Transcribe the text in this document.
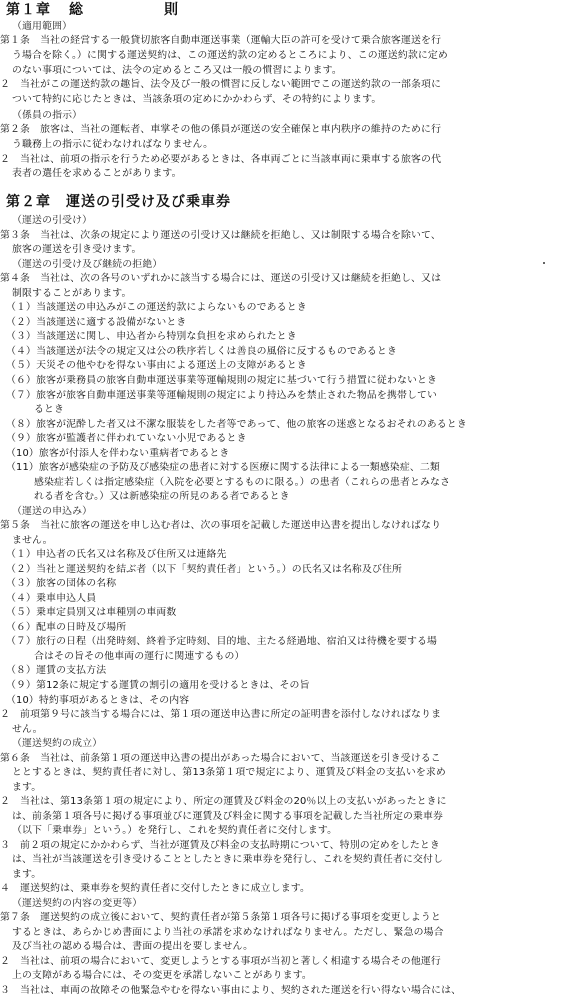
第１章 総	則
（適用範囲）
第１条　当社の経営する一般貸切旅客自動車運送事業（運輸大臣の許可を受けて乗合旅客運送を行
う場合を除く。）に関する運送契約は、この運送約款の定めるところにより、この運送約款に定め
のない事項については、法令の定めるところ又は一般の慣習によります。
２　当社がこの運送約款の趣旨、法令及び一般の慣習に反しない範囲でこの運送約款の一部条項に
ついて特約に応じたときは、当該条項の定めにかかわらず、その特約によります。
（係員の指示）
第２条　旅客は、当社の運転者、車掌その他の係員が運送の安全確保と車内秩序の維持のために行
う職務上の指示に従わなければなりません。
２　当社は、前項の指示を行うため必要があるときは、各車両ごとに当該車両に乗車する旅客の代
表者の選任を求めることがあります。
第２章　運送の引受け及び乗車券
（運送の引受け）
第３条　当社は、次条の規定により運送の引受け又は継続を拒絶し、又は制限する場合を除いて、
旅客の運送を引き受けます。
（運送の引受け及び継続の拒絶）
第４条　当社は、次の各号のいずれかに該当する場合には、運送の引受け又は継続を拒絶し、又は
制限することがあります。
（１）当該運送の申込みがこの運送約款によらないものであるとき
（２）当該運送に適する設備がないとき
（３）当該運送に関し、申込者から特別な負担を求められたとき
（４）当該運送が法令の規定又は公の秩序若しくは善良の風俗に反するものであるとき
（５）天災その他やむを得ない事由による運送上の支障があるとき
（６）旅客が乗務員の旅客自動車運送事業等運輸規則の規定に基づいて行う措置に従わないとき
（７）旅客が旅客自動車運送事業等運輸規則の規定により持込みを禁止された物品を携帯してい
るとき
（８）旅客が泥酔した者又は不潔な服装をした者等であって、他の旅客の迷惑となるおそれのあるとき
（９）旅客が監護者に伴われていない小児であるとき
（10）旅客が付添人を伴わない重病者であるとき
（11）旅客が感染症の予防及び感染症の患者に対する医療に関する法律による一類感染症、二類
感染症若しくは指定感染症（入院を必要とするものに限る。）の患者（これらの患者とみなさ
れる者を含む。）又は新感染症の所見のある者であるとき
（運送の申込み）
第５条　当社に旅客の運送を申し込む者は、次の事項を記載した運送申込書を提出しなければなり
ません。
（１）申込者の氏名又は名称及び住所又は連絡先
（２）当社と運送契約を結ぶ者（以下「契約責任者」という。）の氏名又は名称及び住所
（３）旅客の団体の名称
（４）乗車申込人員
（５）乗車定員別又は車種別の車両数
（６）配車の日時及び場所
（７）旅行の日程（出発時刻、終着予定時刻、目的地、主たる経過地、宿泊又は待機を要する場
合はその旨その他車両の運行に関連するもの）
（８）運賃の支払方法
（９）第12条に規定する運賃の割引の適用を受けるときは、その旨
（10）特約事項があるときは、その内容
２　前項第９号に該当する場合には、第１項の運送申込書に所定の証明書を添付しなければなりま
せん。
（運送契約の成立）
第６条　当社は、前条第１項の運送申込書の提出があった場合において、当該運送を引き受けるこ
ととするときは、契約責任者に対し、第13条第１項で規定により、運賃及び料金の支払いを求め
ます。
２　当社は、第13条第１項の規定により、所定の運賃及び料金の20％以上の支払いがあったときに
は、前条第１項各号に掲げる事項並びに運賃及び料金に関する事項を記載した当社所定の乗車券
（以下「乗車券」という。）を発行し、これを契約責任者に交付します。
３　前２項の規定にかかわらず、当社が運賃及び料金の支払時期について、特別の定めをしたとき
は、当社が当該運送を引き受けることとしたときに乗車券を発行し、これを契約責任者に交付し
ます。
４　運送契約は、乗車券を契約責任者に交付したときに成立します。
（運送契約の内容の変更等）
第７条　運送契約の成立後において、契約責任者が第５条第１項各号に掲げる事項を変更しようと
するときは、あらかじめ書面により当社の承諾を求めなければなりません。ただし、緊急の場合
及び当社の認める場合は、書面の提出を要しません。
２　当社は、前項の場合において、変更しようとする事項が当初と著しく相違する場合その他運行
上の支障がある場合には、その変更を承諾しないことがあります。
３　当社は、車両の故障その他緊急やむを得ない事由により、契約された運送を行い得ない場合には、
